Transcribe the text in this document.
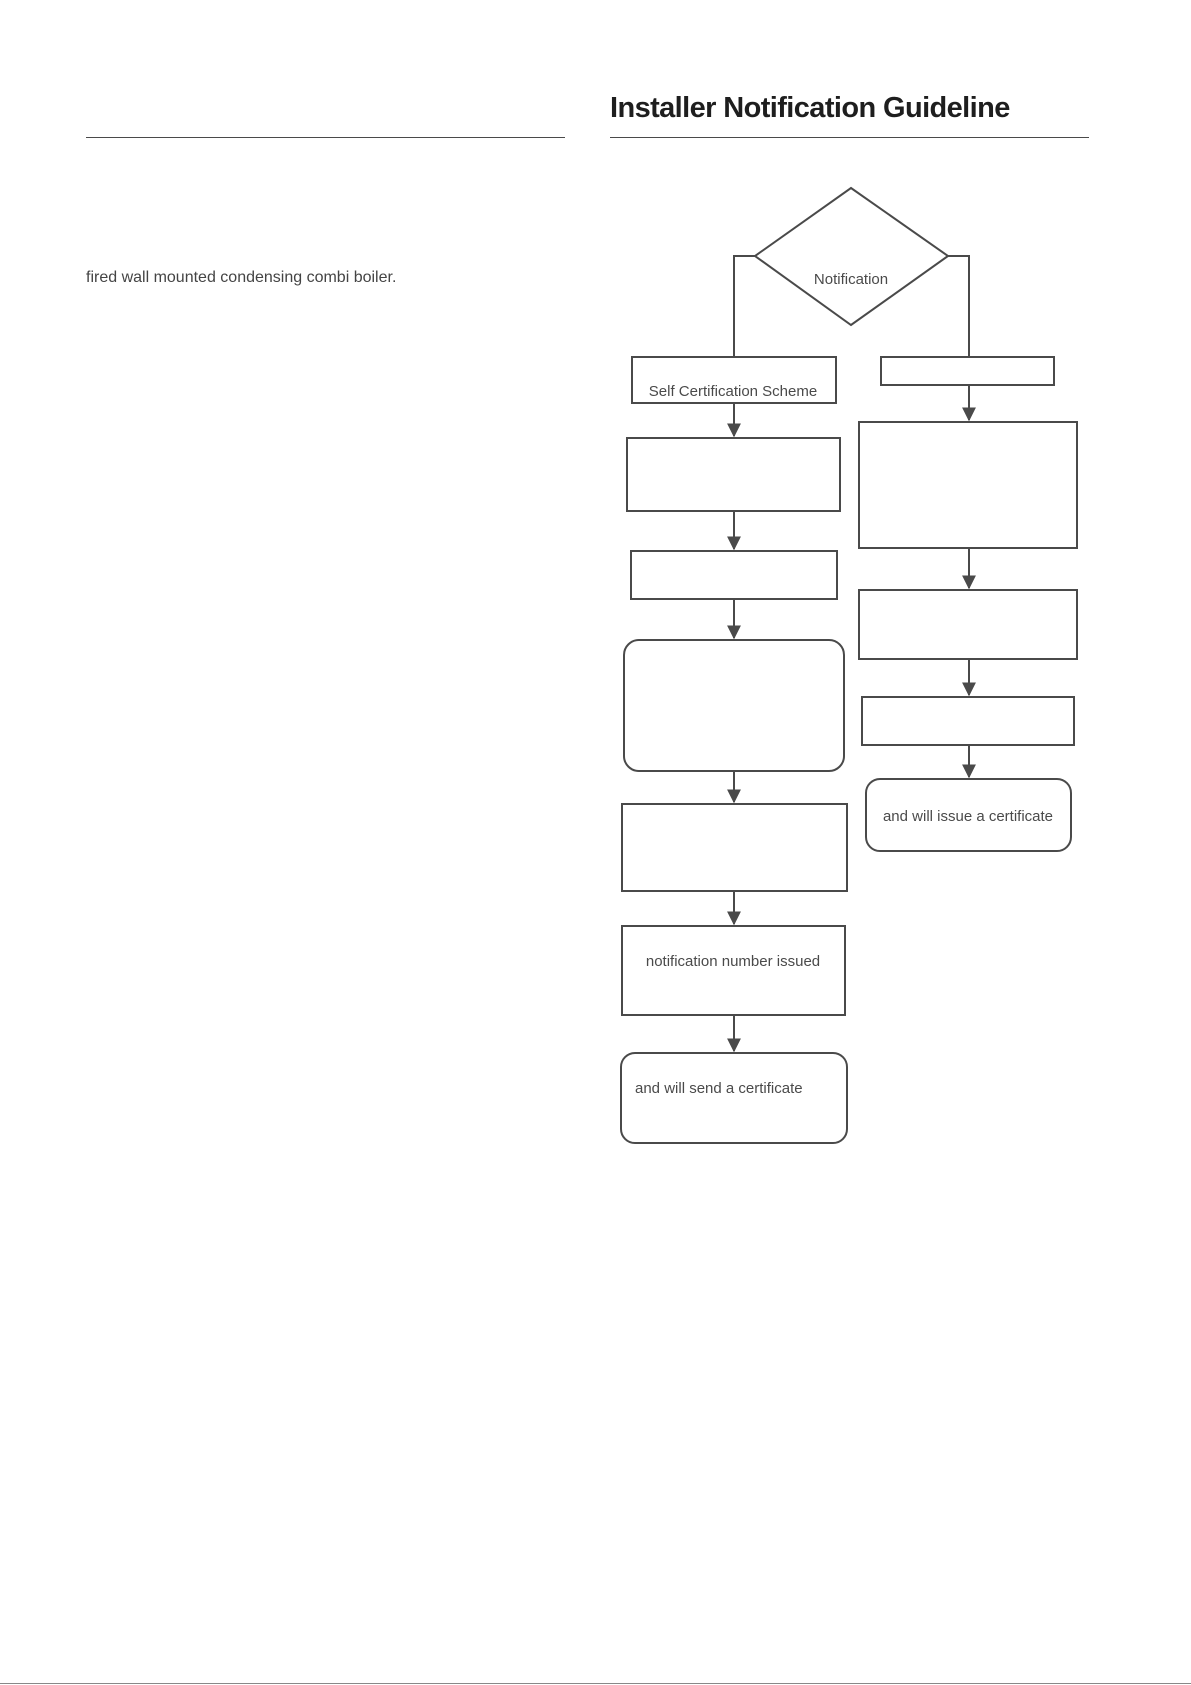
Installer Notification Guideline
fired wall mounted condensing combi boiler.	Notification
Self Certification Scheme
notification number issued
and will send a certificate
and will issue a certificate
